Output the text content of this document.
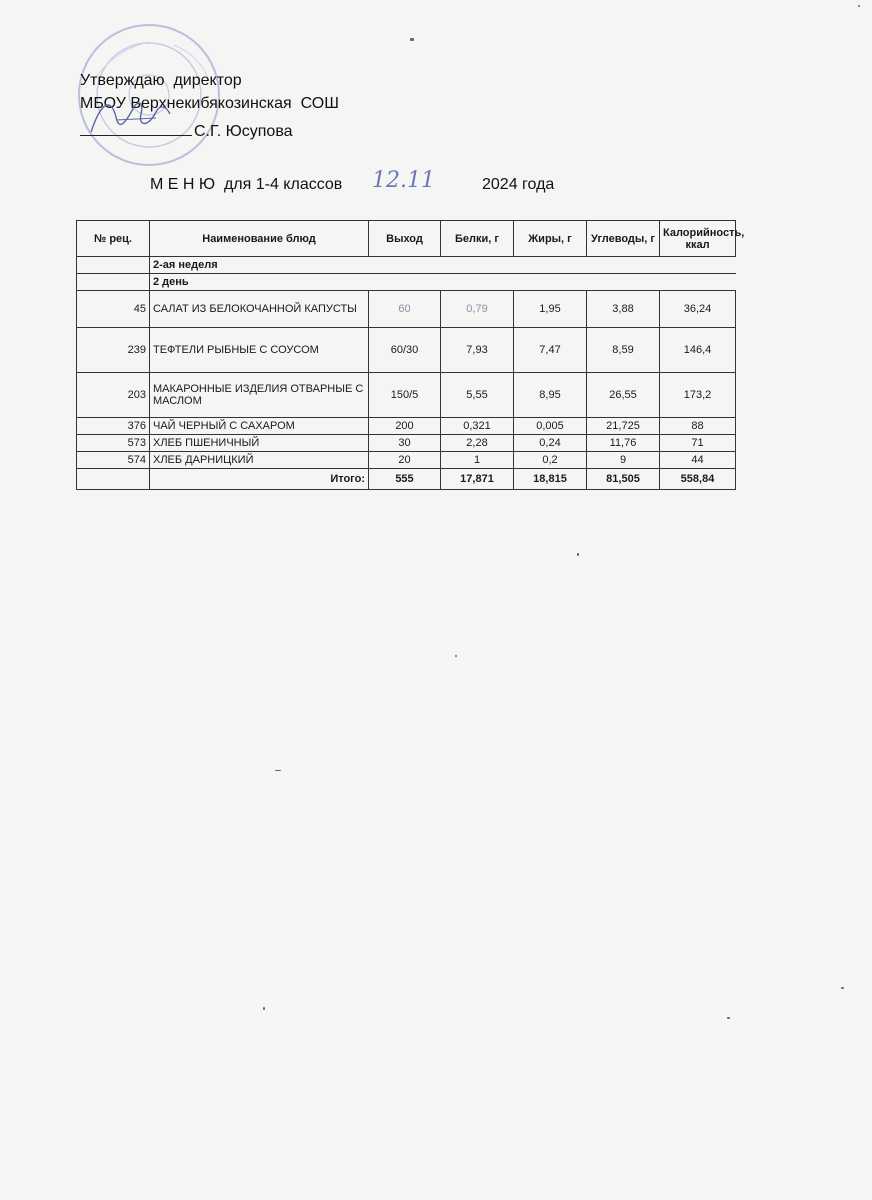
Утверждаю  директор
МБОУ Верхнекибякозинская  СОШ
С.Г. Юсупова
М Е Н Ю  для 1-4 классов 12.11	2024 года
№ рец.	Наименование блюд	Выход	Белки, г	Жиры, г	Углеводы, г	Калорийность, ккал
	2-ая неделя					
	2 день					
45	САЛАТ ИЗ БЕЛОКОЧАННОЙ КАПУСТЫ	60	0,79	1,95	3,88	36,24
239	ТЕФТЕЛИ РЫБНЫЕ С СОУСОМ	60/30	7,93	7,47	8,59	146,4
203	МАКАРОННЫЕ ИЗДЕЛИЯ ОТВАРНЫЕ С МАСЛОМ	150/5	5,55	8,95	26,55	173,2
376	ЧАЙ ЧЕРНЫЙ С САХАРОМ	200	0,321	0,005	21,725	88
573	ХЛЕБ ПШЕНИЧНЫЙ	30	2,28	0,24	11,76	71
574	ХЛЕБ ДАРНИЦКИЙ	20	1	0,2	9	44
	Итого:	555	17,871	18,815	81,505	558,84
